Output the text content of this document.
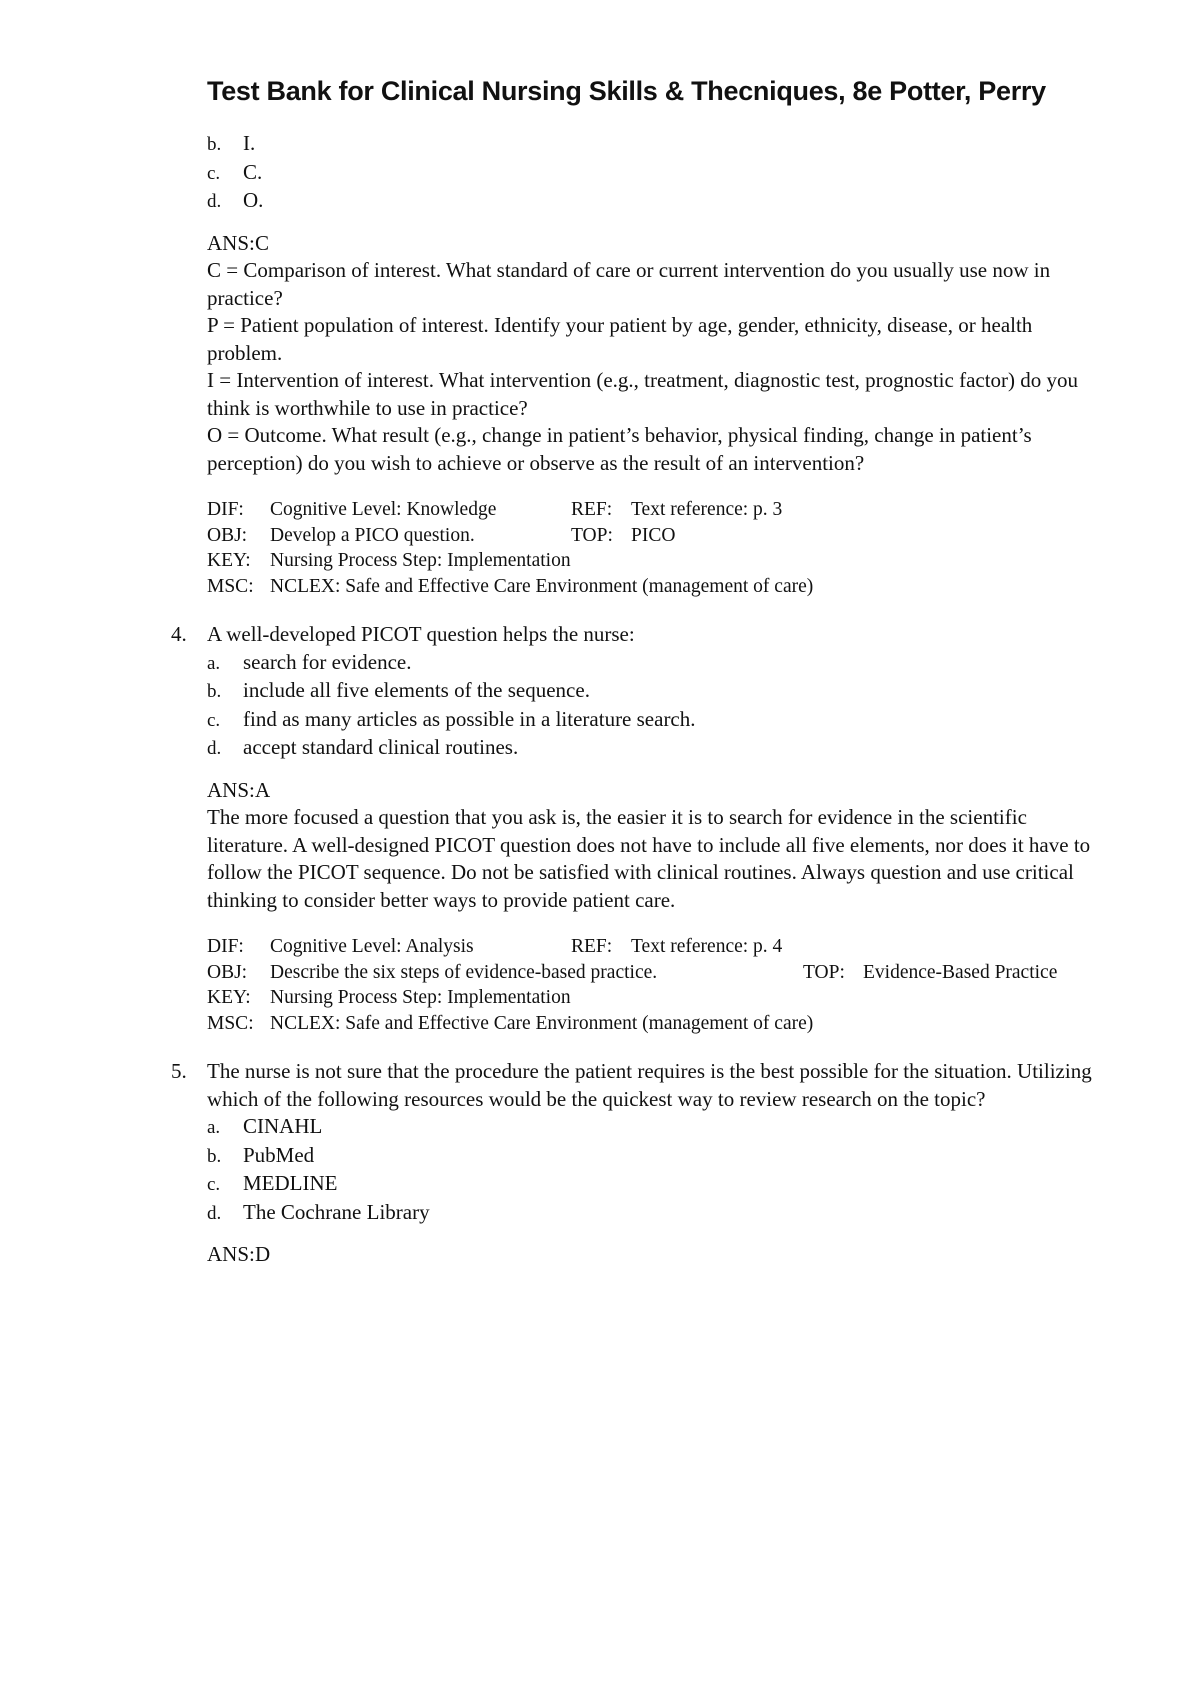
Test Bank for Clinical Nursing Skills & Thecniques, 8e Potter, Perry
b.	I.
c.	C.
d.	O.
ANS:C

C = Comparison of interest. What standard of care or current intervention do you usually use now in practice?

P = Patient population of interest. Identify your patient by age, gender, ethnicity, disease, or health problem.

I = Intervention of interest. What intervention (e.g., treatment, diagnostic test, prognostic factor) do you think is worthwhile to use in practice?

O = Outcome. What result (e.g., change in patient’s behavior, physical finding, change in patient’s perception) do you wish to achieve or observe as the result of an intervention?

DIF: Cognitive Level: Knowledge	REF: Text reference: p. 3
OBJ: Develop a PICO question.	TOP: PICO
KEY: Nursing Process Step: Implementation
MSC: NCLEX: Safe and Effective Care Environment (management of care)
4. A well-developed PICOT question helps the nurse:
a.	search for evidence.
b.	include all five elements of the sequence.
c.	find as many articles as possible in a literature search.
d.	accept standard clinical routines.
ANS:A

The more focused a question that you ask is, the easier it is to search for evidence in the scientific literature. A well-designed PICOT question does not have to include all five elements, nor does it have to follow the PICOT sequence. Do not be satisfied with clinical routines. Always question and use critical thinking to consider better ways to provide patient care.

DIF: Cognitive Level: Analysis	REF: Text reference: p. 4
OBJ: Describe the six steps of evidence-based practice.	TOP: Evidence-Based Practice
KEY: Nursing Process Step: Implementation
MSC: NCLEX: Safe and Effective Care Environment (management of care)
5. The nurse is not sure that the procedure the patient requires is the best possible for the situation. Utilizing which of the following resources would be the quickest way to review research on the topic?
a.	CINAHL
b.	PubMed
c.	MEDLINE
d.	The Cochrane Library
ANS:D
